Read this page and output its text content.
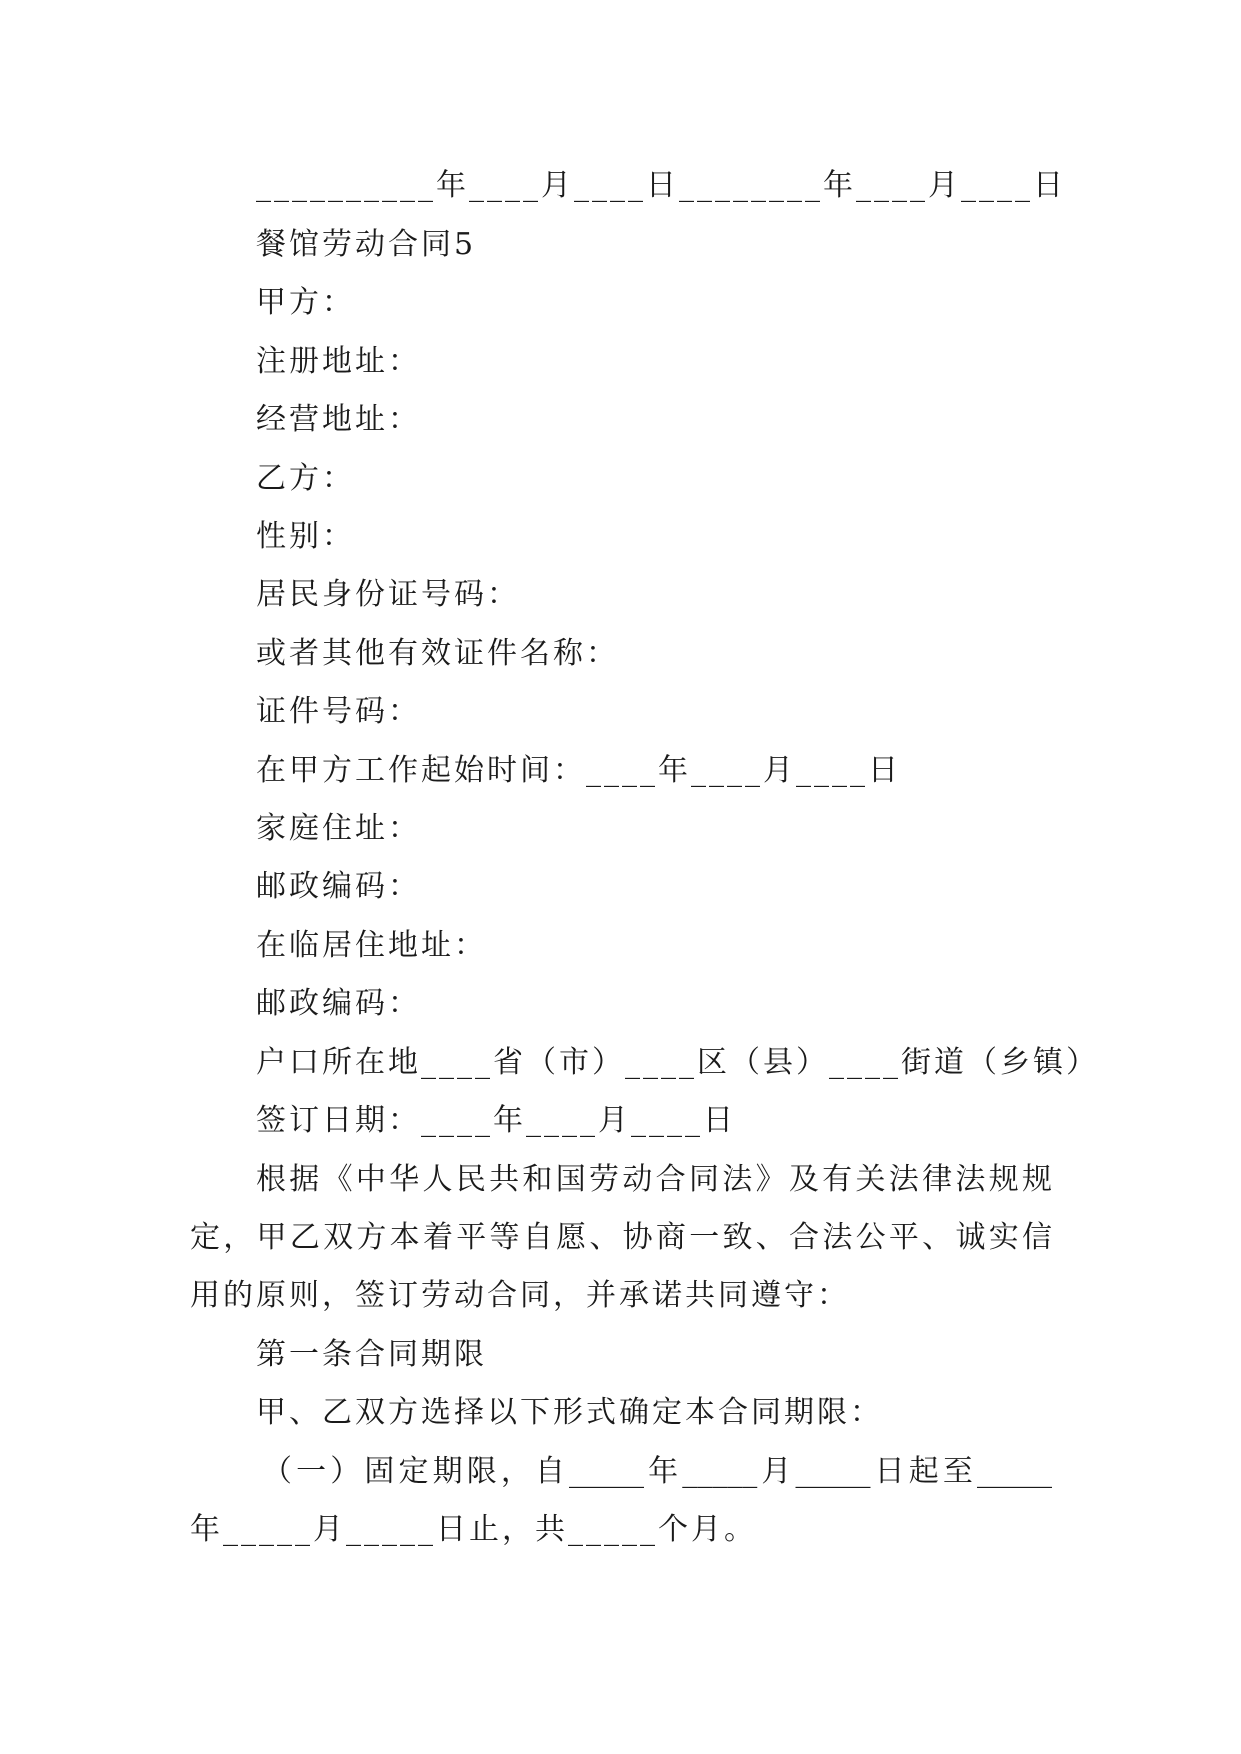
__________年____月____日________年____月____日
餐馆劳动合同5
甲方：
注册地址：
经营地址：
乙方：
性别：
居民身份证号码：
或者其他有效证件名称：
证件号码：
在甲方工作起始时间：____年____月____日
家庭住址：
邮政编码：
在临居住地址：
邮政编码：
户口所在地____省（市）____区（县）____街道（乡镇）
签订日期：____年____月____日
根据《中华人民共和国劳动合同法》及有关法律法规规
定，甲乙双方本着平等自愿、协商一致、合法公平、诚实信
用的原则，签订劳动合同，并承诺共同遵守：
第一条合同期限
甲、乙双方选择以下形式确定本合同期限：
（一）固定期限，自_____年_____月_____日起至_____
年_____月_____日止，共_____个月。
